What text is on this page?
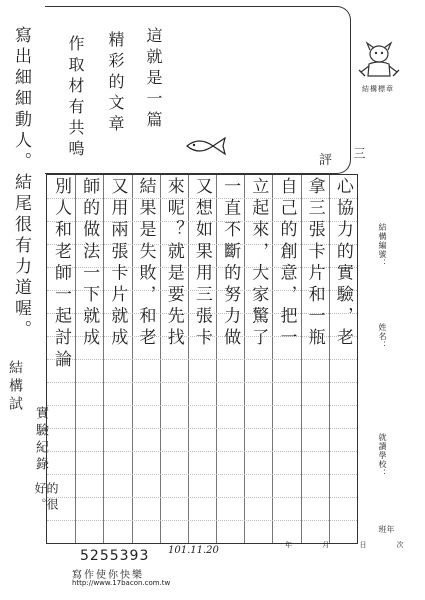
寫出細細動人。結尾很有力道喔。
結構試
實驗紀錄
的很好。
這就是一篇
精彩的文章
作取材有共鳴	評 三
結構標章
結構編號：
姓名：
就讀學校：
年 班
心協力的實驗，老
拿三張卡片和一瓶
自己的創意，把一
立起來，大家驚了
一直不斷的努力做
又想如果用三張卡
來呢？就是要先找
結果是失敗，和老
又用兩張卡片就成
師的做法一下就成
別人和老師一起討論
5255393
寫作使你快樂
http://www.17bacon.com.tw
101.11.20	年 月 日 次
